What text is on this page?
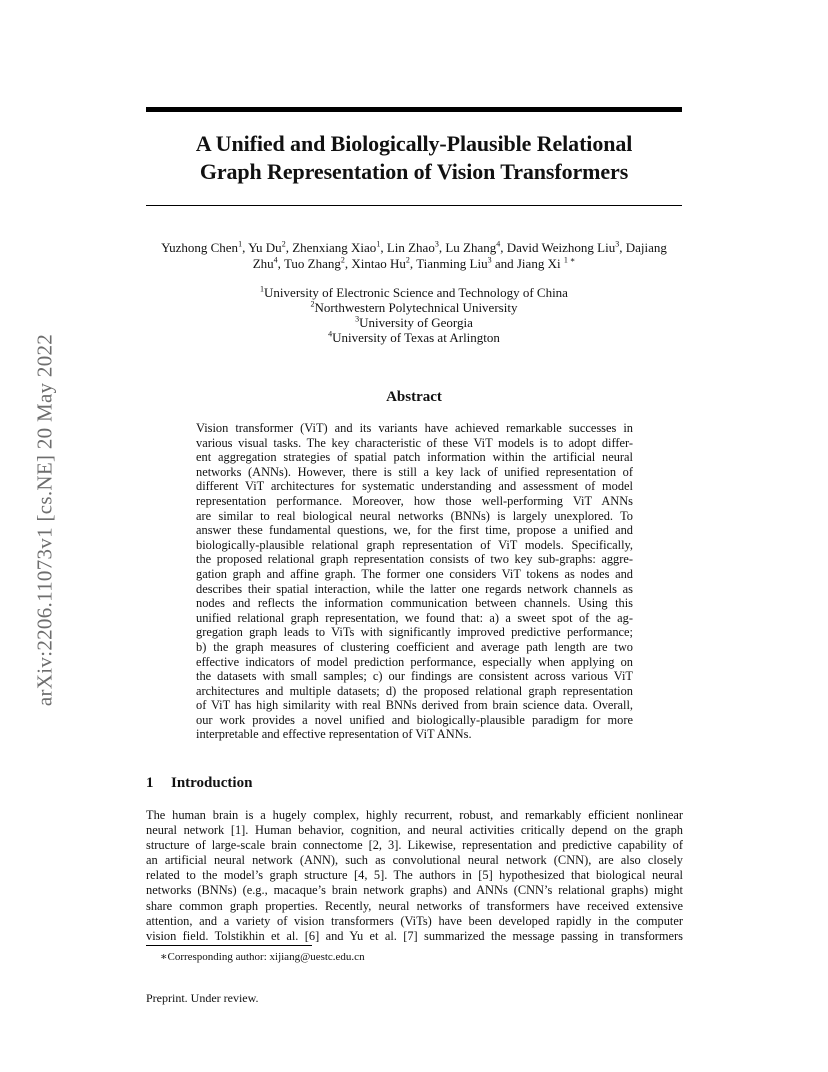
arXiv:2206.11073v1 [cs.NE] 20 May 2022
A Unified and Biologically-Plausible Relational
Graph Representation of Vision Transformers
Yuzhong Chen$^1$, Yu Du$^2$, Zhenxiang Xiao$^1$, Lin Zhao$^3$, Lu Zhang$^4$, David Weizhong Liu$^3$, Dajiang
Zhu$^4$, Tuo Zhang$^2$, Xintao Hu$^2$, Tianming Liu$^3$ and Jiang Xi $^{1 ∗}$
$^1$University of Electronic Science and Technology of China
$^2$Northwestern Polytechnical University
$^3$University of Georgia
$^4$University of Texas at Arlington
Abstract
Vision transformer (ViT) and its variants have achieved remarkable successes in
various visual tasks. The key characteristic of these ViT models is to adopt differ-
ent aggregation strategies of spatial patch information within the artificial neural
networks (ANNs). However, there is still a key lack of unified representation of
different ViT architectures for systematic understanding and assessment of model
representation performance. Moreover, how those well-performing ViT ANNs
are similar to real biological neural networks (BNNs) is largely unexplored. To
answer these fundamental questions, we, for the first time, propose a unified and
biologically-plausible relational graph representation of ViT models. Specifically,
the proposed relational graph representation consists of two key sub-graphs: aggre-
gation graph and affine graph. The former one considers ViT tokens as nodes and
describes their spatial interaction, while the latter one regards network channels as
nodes and reflects the information communication between channels. Using this
unified relational graph representation, we found that: a) a sweet spot of the ag-
gregation graph leads to ViTs with significantly improved predictive performance;
b) the graph measures of clustering coefficient and average path length are two
effective indicators of model prediction performance, especially when applying on
the datasets with small samples; c) our findings are consistent across various ViT
architectures and multiple datasets; d) the proposed relational graph representation
of ViT has high similarity with real BNNs derived from brain science data. Overall,
our work provides a novel unified and biologically-plausible paradigm for more
interpretable and effective representation of ViT ANNs.
1 Introduction
The human brain is a hugely complex, highly recurrent, robust, and remarkably efficient nonlinear
neural network [1]. Human behavior, cognition, and neural activities critically depend on the graph
structure of large-scale brain connectome [2, 3]. Likewise, representation and predictive capability of
an artificial neural network (ANN), such as convolutional neural network (CNN), are also closely
related to the model’s graph structure [4, 5]. The authors in [5] hypothesized that biological neural
networks (BNNs) (e.g., macaque’s brain network graphs) and ANNs (CNN’s relational graphs) might
share common graph properties. Recently, neural networks of transformers have received extensive
attention, and a variety of vision transformers (ViTs) have been developed rapidly in the computer
vision field. Tolstikhin et al. [6] and Yu et al. [7] summarized the message passing in transformers
∗Corresponding author: xijiang@uestc.edu.cn
Preprint. Under review.
